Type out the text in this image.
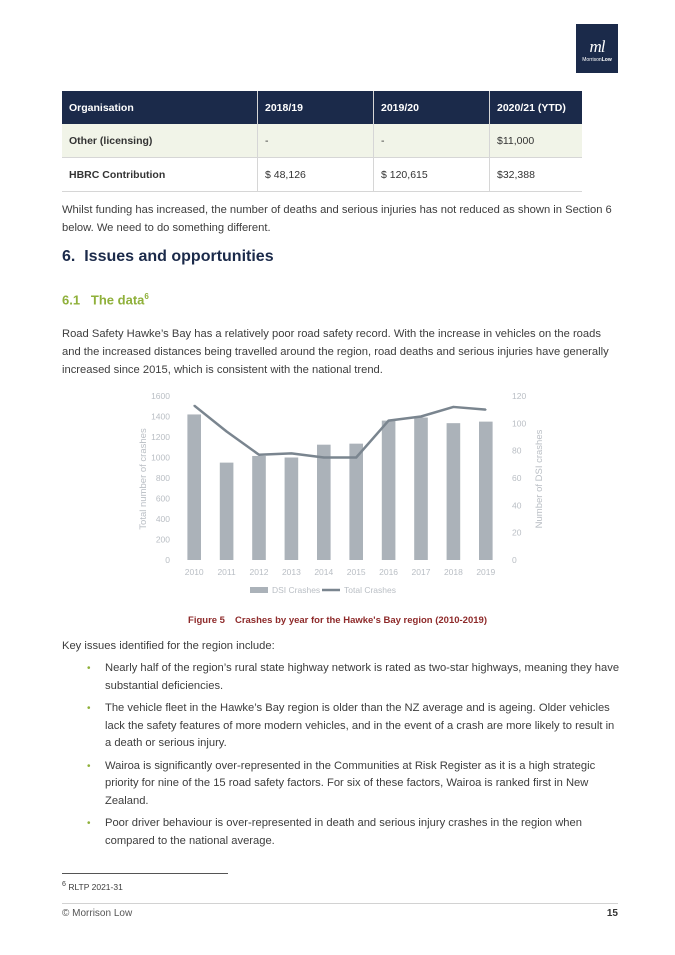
ml
MorrisonLow
Organisation	2018/19	2019/20	2020/21 (YTD)
Other (licensing)	-	-	$11,000
HBRC Contribution	$ 48,126	$ 120,615	$32,388

Whilst funding has increased, the number of deaths and serious injuries has not reduced as shown in Section 6 below. We need to do something different.

6. Issues and opportunities
6.1 The data$^6$

Road Safety Hawke’s Bay has a relatively poor road safety record. With the increase in vehicles on the roads and the increased distances being travelled around the region, road deaths and serious injuries have generally increased since 2015, which is consistent with the national trend.

0
200
400
600
800
1000
1200
1400
1600
0
20
40
60
80
100
120
2010 2011 2012 2013 2014 2015 2016 2017 2018 2019
Total number of crashes	Number of DSI crashes
DSI Crashes	Total Crashes

Figure 5 Crashes by year for the Hawke's Bay region (2010-2019)

Key issues identified for the region include:

• Nearly half of the region’s rural state highway network is rated as two-star highways, meaning they have substantial deficiencies.
• The vehicle fleet in the Hawke’s Bay region is older than the NZ average and is ageing. Older vehicles lack the safety features of more modern vehicles, and in the event of a crash are more likely to result in a death or serious injury.
• Wairoa is significantly over-represented in the Communities at Risk Register as it is a high strategic priority for nine of the 15 road safety factors. For six of these factors, Wairoa is ranked first in New Zealand.
• Poor driver behaviour is over-represented in death and serious injury crashes in the region when compared to the national average.

$^6$ RLTP 2021-31

© Morrison Low	15
